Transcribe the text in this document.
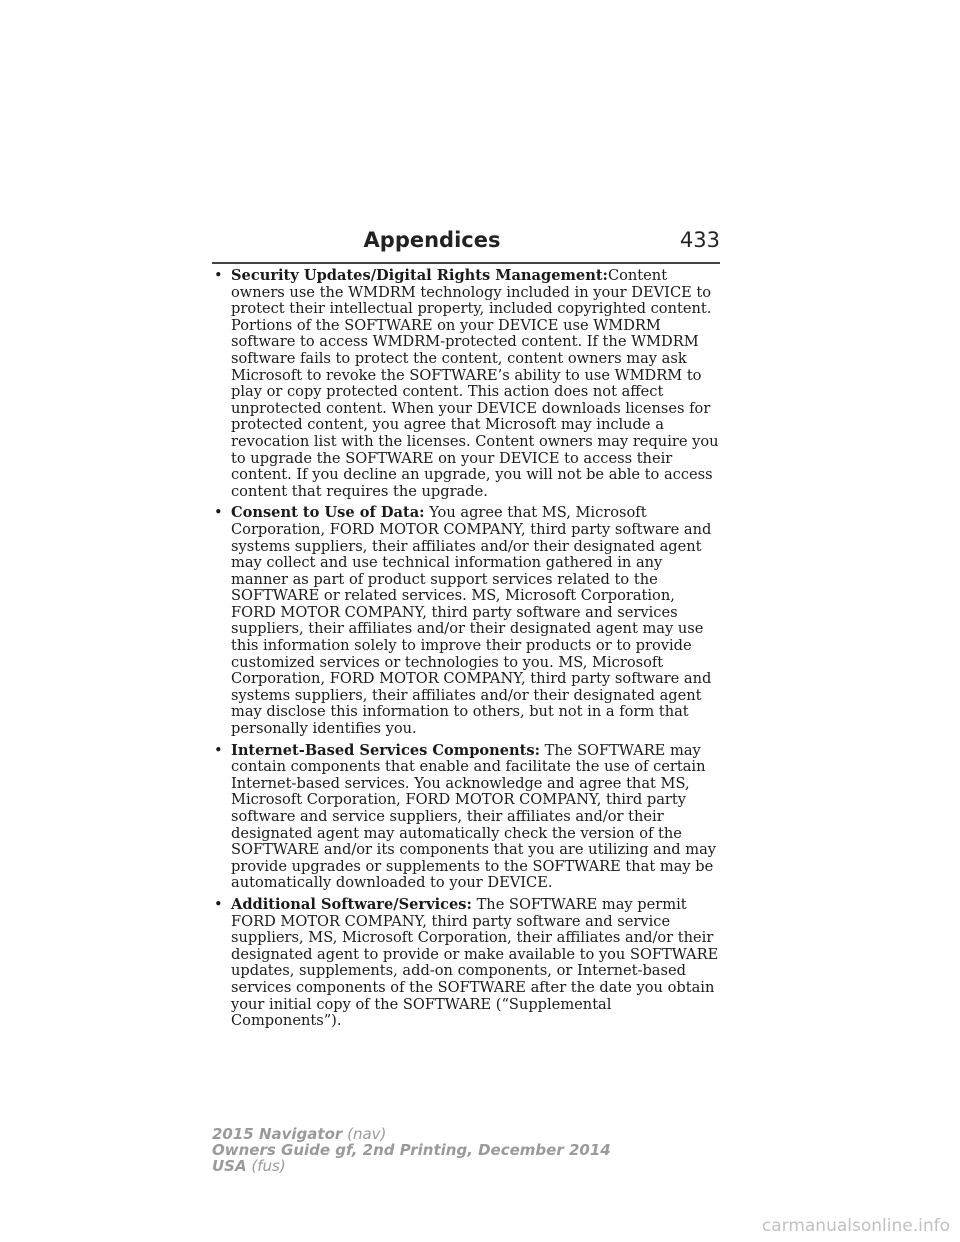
Appendices	433
• Security Updates/Digital Rights Management:Content owners use the WMDRM technology included in your DEVICE to protect their intellectual property, included copyrighted content. Portions of the SOFTWARE on your DEVICE use WMDRM software to access WMDRM-protected content. If the WMDRM software fails to protect the content, content owners may ask Microsoft to revoke the SOFTWARE’s ability to use WMDRM to play or copy protected content. This action does not affect unprotected content. When your DEVICE downloads licenses for protected content, you agree that Microsoft may include a revocation list with the licenses. Content owners may require you to upgrade the SOFTWARE on your DEVICE to access their content. If you decline an upgrade, you will not be able to access content that requires the upgrade.
• Consent to Use of Data: You agree that MS, Microsoft Corporation, FORD MOTOR COMPANY, third party software and systems suppliers, their affiliates and/or their designated agent may collect and use technical information gathered in any manner as part of product support services related to the SOFTWARE or related services. MS, Microsoft Corporation, FORD MOTOR COMPANY, third party software and services suppliers, their affiliates and/or their designated agent may use this information solely to improve their products or to provide customized services or technologies to you. MS, Microsoft Corporation, FORD MOTOR COMPANY, third party software and systems suppliers, their affiliates and/or their designated agent may disclose this information to others, but not in a form that personally identifies you.
• Internet-Based Services Components: The SOFTWARE may contain components that enable and facilitate the use of certain Internet-based services. You acknowledge and agree that MS, Microsoft Corporation, FORD MOTOR COMPANY, third party software and service suppliers, their affiliates and/or their designated agent may automatically check the version of the SOFTWARE and/or its components that you are utilizing and may provide upgrades or supplements to the SOFTWARE that may be automatically downloaded to your DEVICE.
• Additional Software/Services: The SOFTWARE may permit FORD MOTOR COMPANY, third party software and service suppliers, MS, Microsoft Corporation, their affiliates and/or their designated agent to provide or make available to you SOFTWARE updates, supplements, add-on components, or Internet-based services components of the SOFTWARE after the date you obtain your initial copy of the SOFTWARE (“Supplemental Components”).
2015 Navigator (nav)
Owners Guide gf, 2nd Printing, December 2014
USA (fus)
carmanualsonline.info
